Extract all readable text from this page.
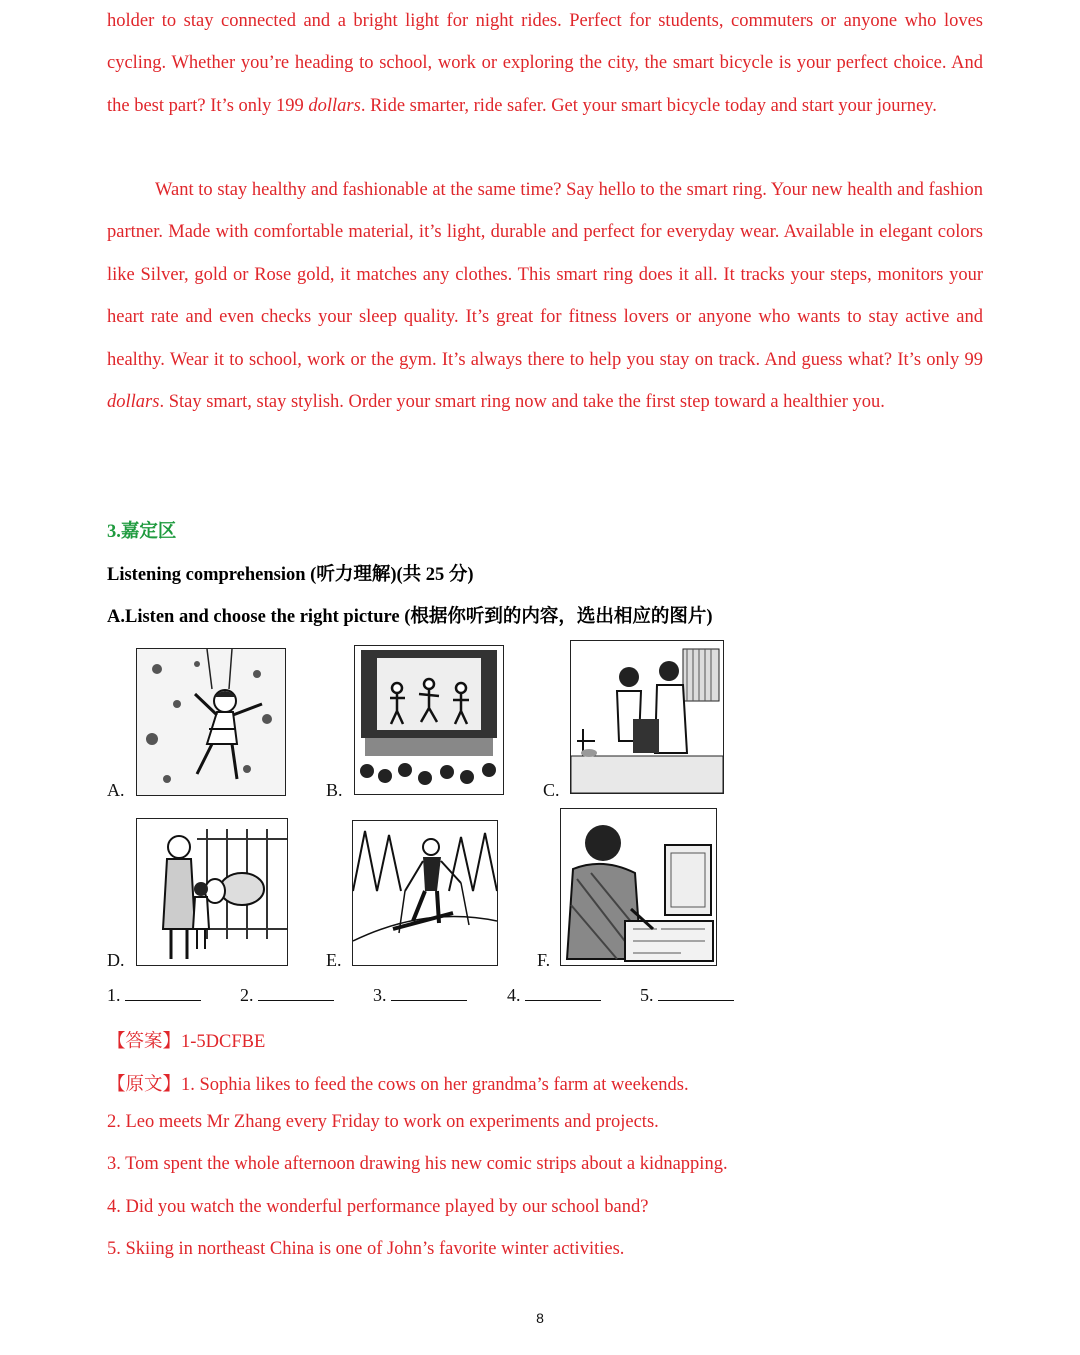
holder to stay connected and a bright light for night rides. Perfect for students, commuters or anyone who loves cycling. Whether you’re heading to school, work or exploring the city, the smart bicycle is your perfect choice. And the best part? It’s only 199 dollars. Ride smarter, ride safer. Get your smart bicycle today and start your journey.

Want to stay healthy and fashionable at the same time? Say hello to the smart ring. Your new health and fashion partner. Made with comfortable material, it’s light, durable and perfect for everyday wear. Available in elegant colors like Silver, gold or Rose gold, it matches any clothes. This smart ring does it all. It tracks your steps, monitors your heart rate and even checks your sleep quality. It’s great for fitness lovers or anyone who wants to stay active and healthy. Wear it to school, work or the gym. It’s always there to help you stay on track. And guess what? It’s only 99 dollars. Stay smart, stay stylish. Order your smart ring now and take the first step toward a healthier you.

3.嘉定区
Listening comprehension (听力理解)(共 25 分)
A.Listen and choose the right picture (根据你听到的内容，选出相应的图片)
A.	B.	C.
D.	E.	F.
1.	2.	3.	4.	5.
【答案】1-5DCFBE
【原文】1. Sophia likes to feed the cows on her grandma’s farm at weekends.
2. Leo meets Mr Zhang every Friday to work on experiments and projects.
3. Tom spent the whole afternoon drawing his new comic strips about a kidnapping.
4. Did you watch the wonderful performance played by our school band?
5. Skiing in northeast China is one of John’s favorite winter activities.
8
